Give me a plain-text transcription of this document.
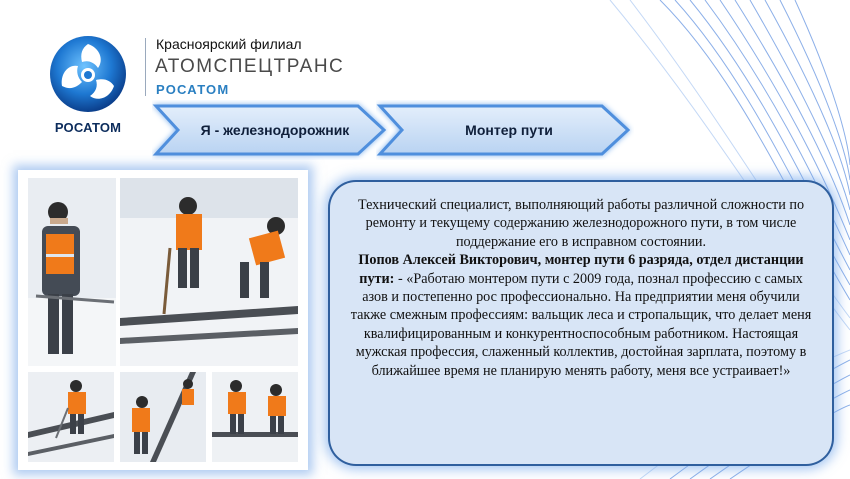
РОСАТОМ
Красноярский филиал
АТОМСПЕЦТРАНС
РОСАТОМ
Я - железнодорожник	Монтер пути
Технический специалист, выполняющий работы различной сложности по ремонту и текущему содержанию железнодорожного пути, в том числе поддержание его в исправном состоянии.
Попов Алексей Викторович, монтер пути 6 разряда, отдел дистанции пути: - «Работаю монтером пути с 2009 года, познал профессию с самых азов и постепенно рос профессионально. На предприятии меня обучили также смежным профессиям: вальщик леса и стропальщик, что делает меня квалифицированным и конкурентноспособным работником. Настоящая мужская профессия, слаженный коллектив, достойная зарплата, поэтому в ближайшее время не планирую менять работу, меня все устраивает!»
